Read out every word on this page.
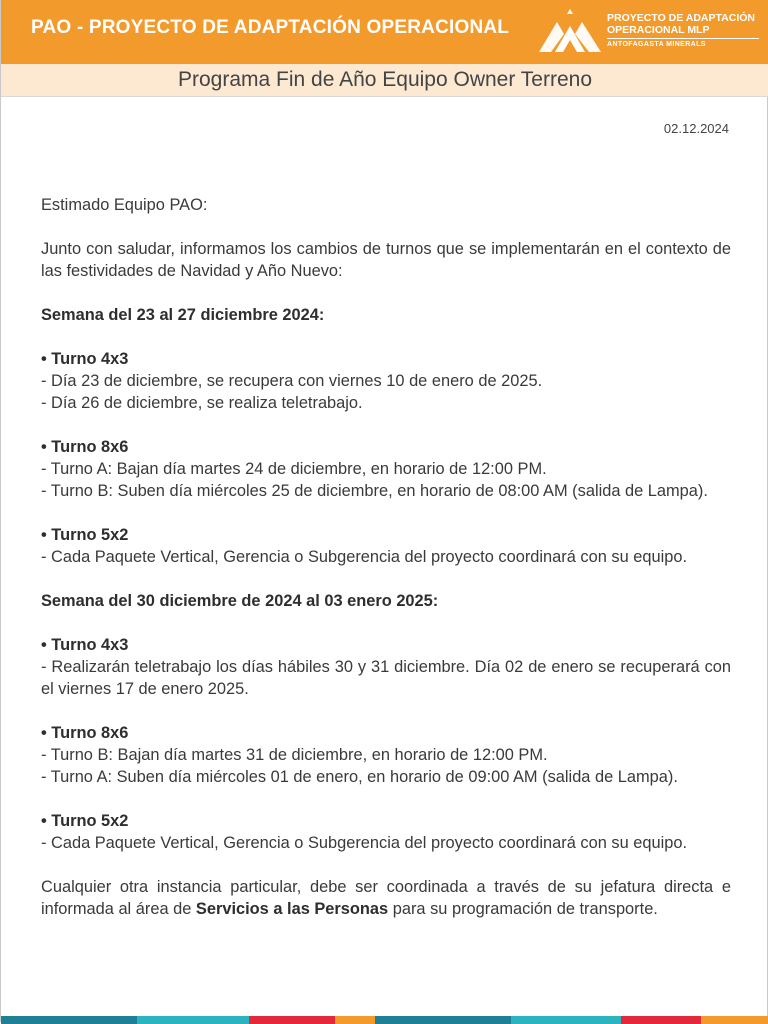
PAO - PROYECTO DE ADAPTACIÓN OPERACIONAL	PROYECTO DE ADAPTACIÓN
OPERACIONAL MLP
ANTOFAGASTA MINERALS
Programa Fin de Año Equipo Owner Terreno
02.12.2024

Estimado Equipo PAO:

Junto con saludar, informamos los cambios de turnos que se implementarán en el contexto de las festividades de Navidad y Año Nuevo:

Semana del 23 al 27 diciembre 2024:

• Turno 4x3

- Día 23 de diciembre, se recupera con viernes 10 de enero de 2025.

- Día 26 de diciembre, se realiza teletrabajo.

• Turno 8x6

- Turno A: Bajan día martes 24 de diciembre, en horario de 12:00 PM.

- Turno B: Suben día miércoles 25 de diciembre, en horario de 08:00 AM (salida de Lampa).

• Turno 5x2

- Cada Paquete Vertical, Gerencia o Subgerencia del proyecto coordinará con su equipo.

Semana del 30 diciembre de 2024 al 03 enero 2025:

• Turno 4x3

- Realizarán teletrabajo los días hábiles 30 y 31 diciembre. Día 02 de enero se recuperará con el viernes 17 de enero 2025.

• Turno 8x6

- Turno B: Bajan día martes 31 de diciembre, en horario de 12:00 PM.

- Turno A: Suben día miércoles 01 de enero, en horario de 09:00 AM (salida de Lampa).

• Turno 5x2

- Cada Paquete Vertical, Gerencia o Subgerencia del proyecto coordinará con su equipo.

Cualquier otra instancia particular, debe ser coordinada a través de su jefatura directa e informada al área de Servicios a las Personas para su programación de transporte.
